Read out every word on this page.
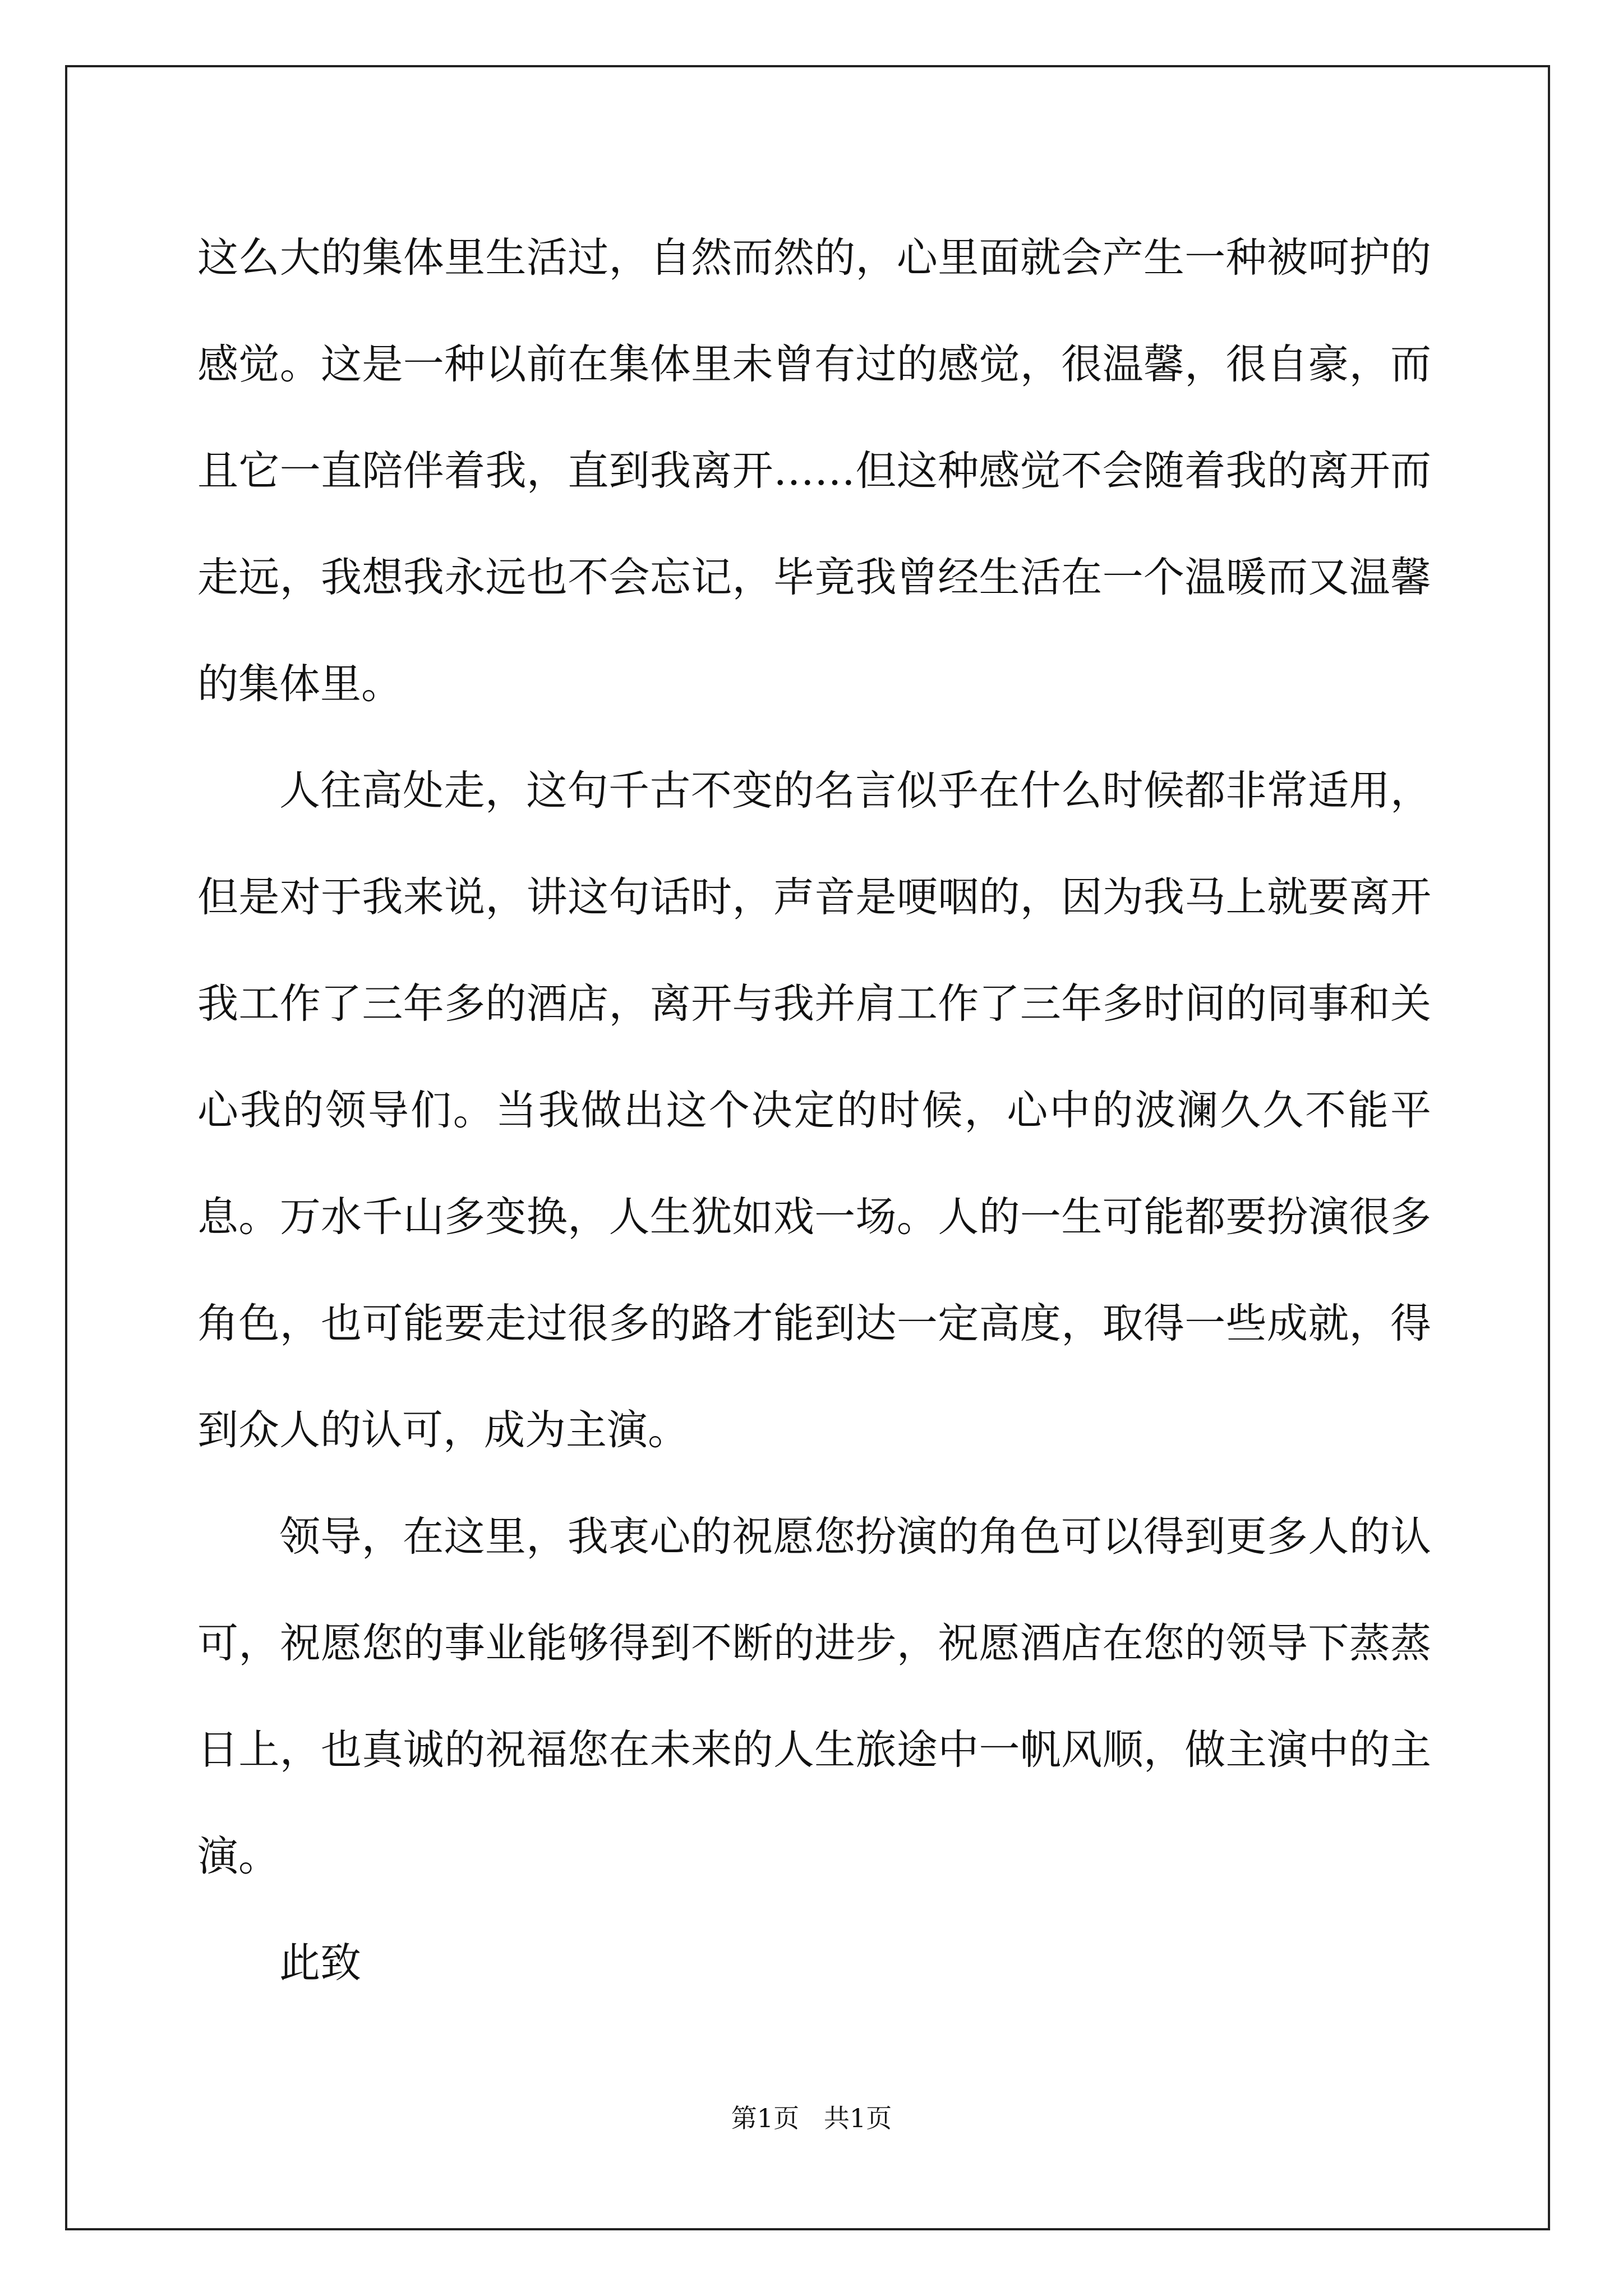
这么大的集体里生活过，自然而然的，心里面就会产生一种被呵护的感觉。这是一种以前在集体里未曾有过的感觉，很温馨，很自豪，而且它一直陪伴着我，直到我离开……但这种感觉不会随着我的离开而走远，我想我永远也不会忘记，毕竟我曾经生活在一个温暖而又温馨的集体里。

人往高处走，这句千古不变的名言似乎在什么时候都非常适用，但是对于我来说，讲这句话时，声音是哽咽的，因为我马上就要离开我工作了三年多的酒店，离开与我并肩工作了三年多时间的同事和关心我的领导们。当我做出这个决定的时候，心中的波澜久久不能平息。万水千山多变换，人生犹如戏一场。人的一生可能都要扮演很多角色，也可能要走过很多的路才能到达一定高度，取得一些成就，得到众人的认可，成为主演。

领导，在这里，我衷心的祝愿您扮演的角色可以得到更多人的认可，祝愿您的事业能够得到不断的进步，祝愿酒店在您的领导下蒸蒸日上，也真诚的祝福您在未来的人生旅途中一帆风顺，做主演中的主演。

此致

第1页   共1页
